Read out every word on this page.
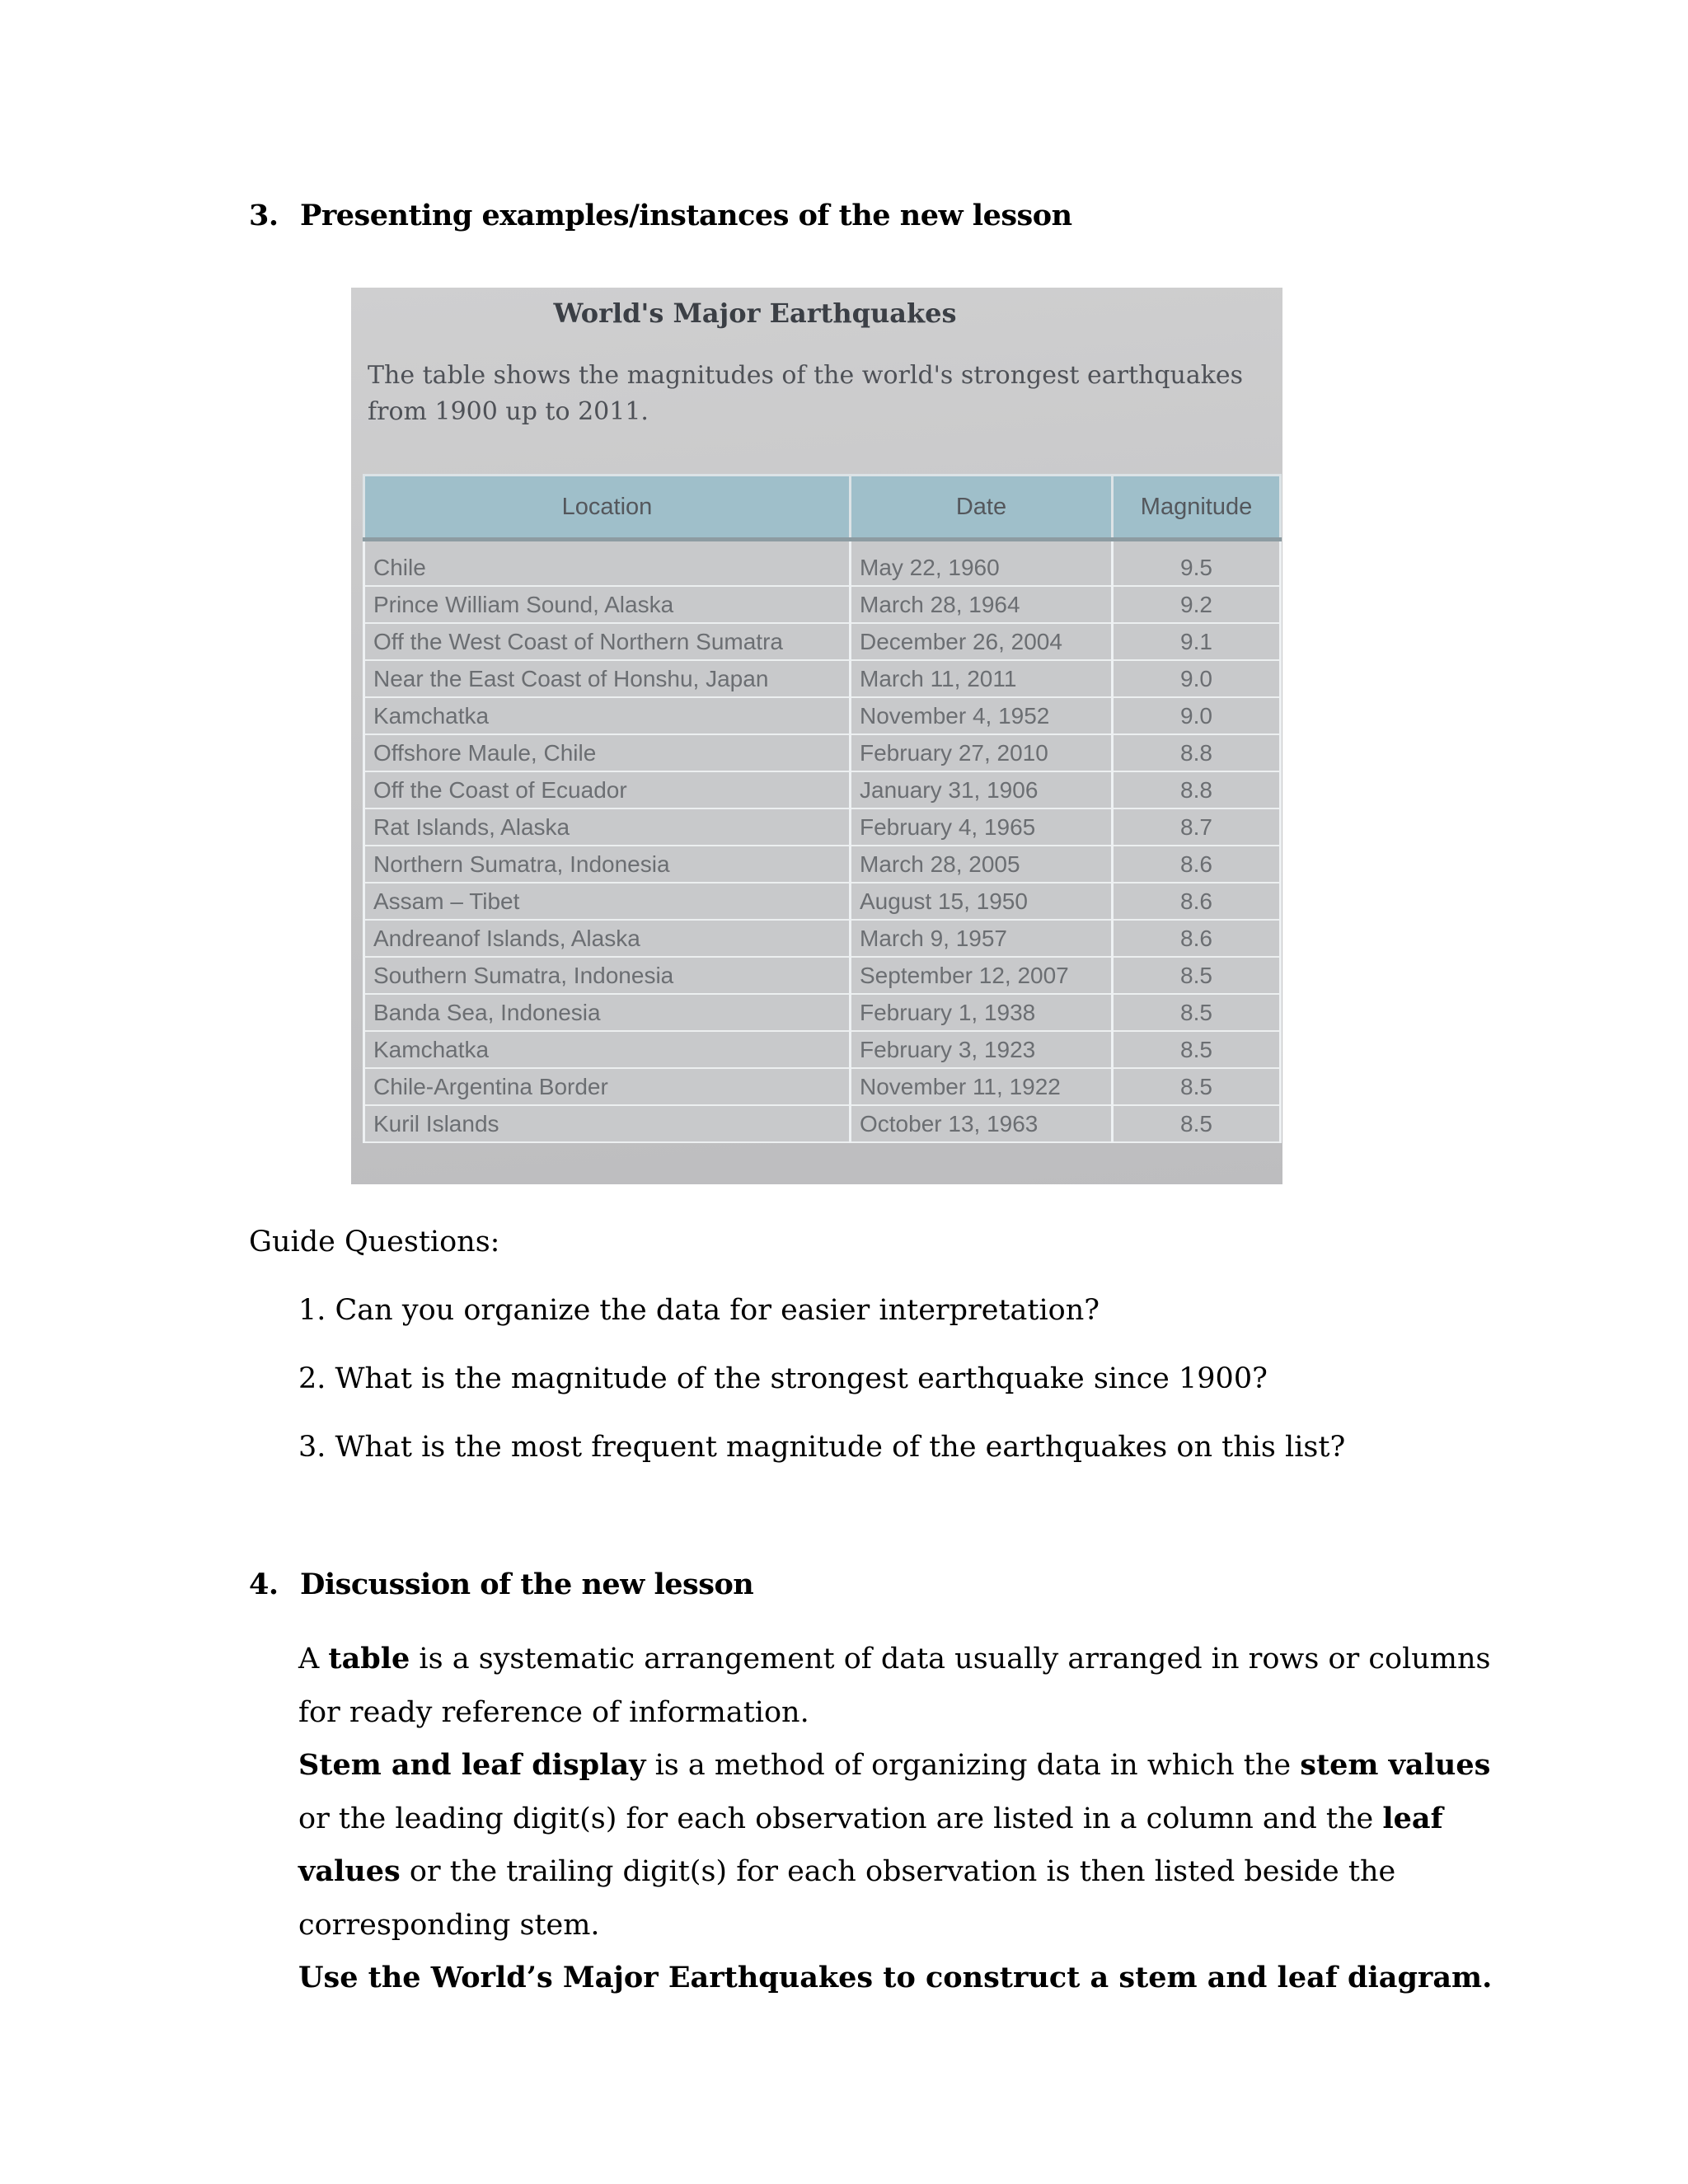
3. Presenting examples/instances of the new lesson
World's Major Earthquakes

The table shows the magnitudes of the world's strongest earthquakes from 1900 up to 2011.

Location	Date	Magnitude
Chile	May 22, 1960	9.5
Prince William Sound, Alaska	March 28, 1964	9.2
Off the West Coast of Northern Sumatra	December 26, 2004	9.1
Near the East Coast of Honshu, Japan	March 11, 2011	9.0
Kamchatka	November 4, 1952	9.0
Offshore Maule, Chile	February 27, 2010	8.8
Off the Coast of Ecuador	January 31, 1906	8.8
Rat Islands, Alaska	February 4, 1965	8.7
Northern Sumatra, Indonesia	March 28, 2005	8.6
Assam – Tibet	August 15, 1950	8.6
Andreanof Islands, Alaska	March 9, 1957	8.6
Southern Sumatra, Indonesia	September 12, 2007	8.5
Banda Sea, Indonesia	February 1, 1938	8.5
Kamchatka	February 3, 1923	8.5
Chile-Argentina Border	November 11, 1922	8.5
Kuril Islands	October 13, 1963	8.5

Guide Questions:

1. Can you organize the data for easier interpretation?
2. What is the magnitude of the strongest earthquake since 1900?
3. What is the most frequent magnitude of the earthquakes on this list?
4. Discussion of the new lesson

A table is a systematic arrangement of data usually arranged in rows or columns for ready reference of information.

Stem and leaf display is a method of organizing data in which the stem values or the leading digit(s) for each observation are listed in a column and the leaf values or the trailing digit(s) for each observation is then listed beside the corresponding stem.

Use the World’s Major Earthquakes to construct a stem and leaf diagram.
